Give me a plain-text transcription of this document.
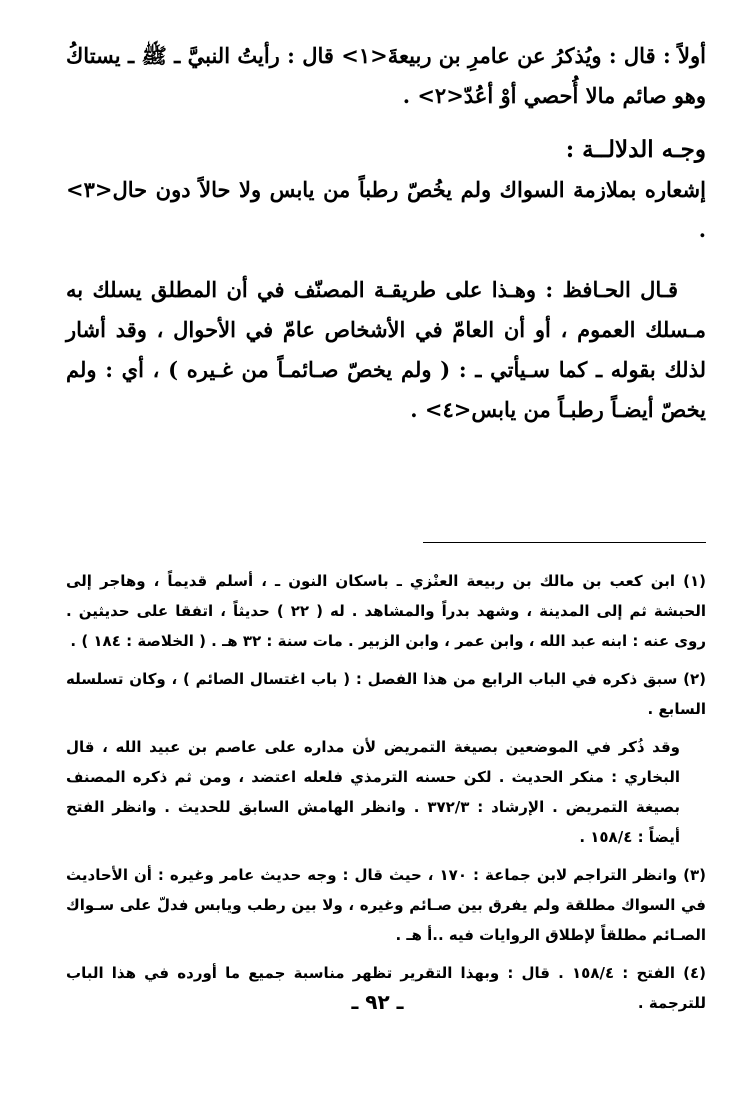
أولاً : قال : ويُذكرُ عن عامرِ بن ربيعةَ<١> قال : رأيتُ النبيَّ ـ ﷺ ـ يستاكُ وهو صائم مالا أُحصي أوْ أعُدّ<٢> .

وجـه الدلالــة :

إشعاره بملازمة السواك ولم يخُصّ رطباً من يابس ولا حالاً دون حال<٣> .

قـال الحـافظ : وهـذا على طريقـة المصنّف في أن المطلق يسلك به مـسلك العموم ، أو أن العامّ في الأشخاص عامّ في الأحوال ، وقد أشار لذلك بقوله ـ كما سـيأتي ـ : ( ولم يخصّ صـائمـاً من غـيره ) ، أي : ولم يخصّ أيضـاً رطبـاً من يابس<٤> .

(١) ابن كعب بن مالك بن ربيعة العنْزي ـ باسكان النون ـ ، أسلم قديماً ، وهاجر إلى الحبشة ثم إلى المدينة ، وشهد بدراً والمشاهد . له ( ٢٢ ) حديثاً ، اتفقا على حديثين . روى عنه : ابنه عبد الله ، وابن عمر ، وابن الزبير . مات سنة : ٣٢ هـ . ( الخلاصة : ١٨٤ ) .

(٢) سبق ذكره في الباب الرابع من هذا الفصل : ( باب اغتسال الصائم ) ، وكان تسلسله السابع .

وقد ذُكر في الموضعين بصيغة التمريض لأن مداره على عاصم بن عبيد الله ، قال البخاري : منكر الحديث . لكن حسنه الترمذي فلعله اعتضد ، ومن ثم ذكره المصنف بصيغة التمريض . الإرشاد : ٣٧٢/٣ . وانظر الهامش السابق للحديث . وانظر الفتح أيضاً : ١٥٨/٤ .

(٣) وانظر التراجم لابن جماعة : ١٧٠ ، حيث قال : وجه حديث عامر وغيره : أن الأحاديث في السواك مطلقة ولم يفرق بين صـائم وغيره ، ولا بين رطب ويابس فدلّ على سـواك الصـائم مطلقاً لإطلاق الروايات فيه ..أ هـ .

(٤) الفتح : ١٥٨/٤ . قال : وبهذا التقرير تظهر مناسبة جميع ما أورده في هذا الباب للترجمة .

ـ ٩٢ ـ
